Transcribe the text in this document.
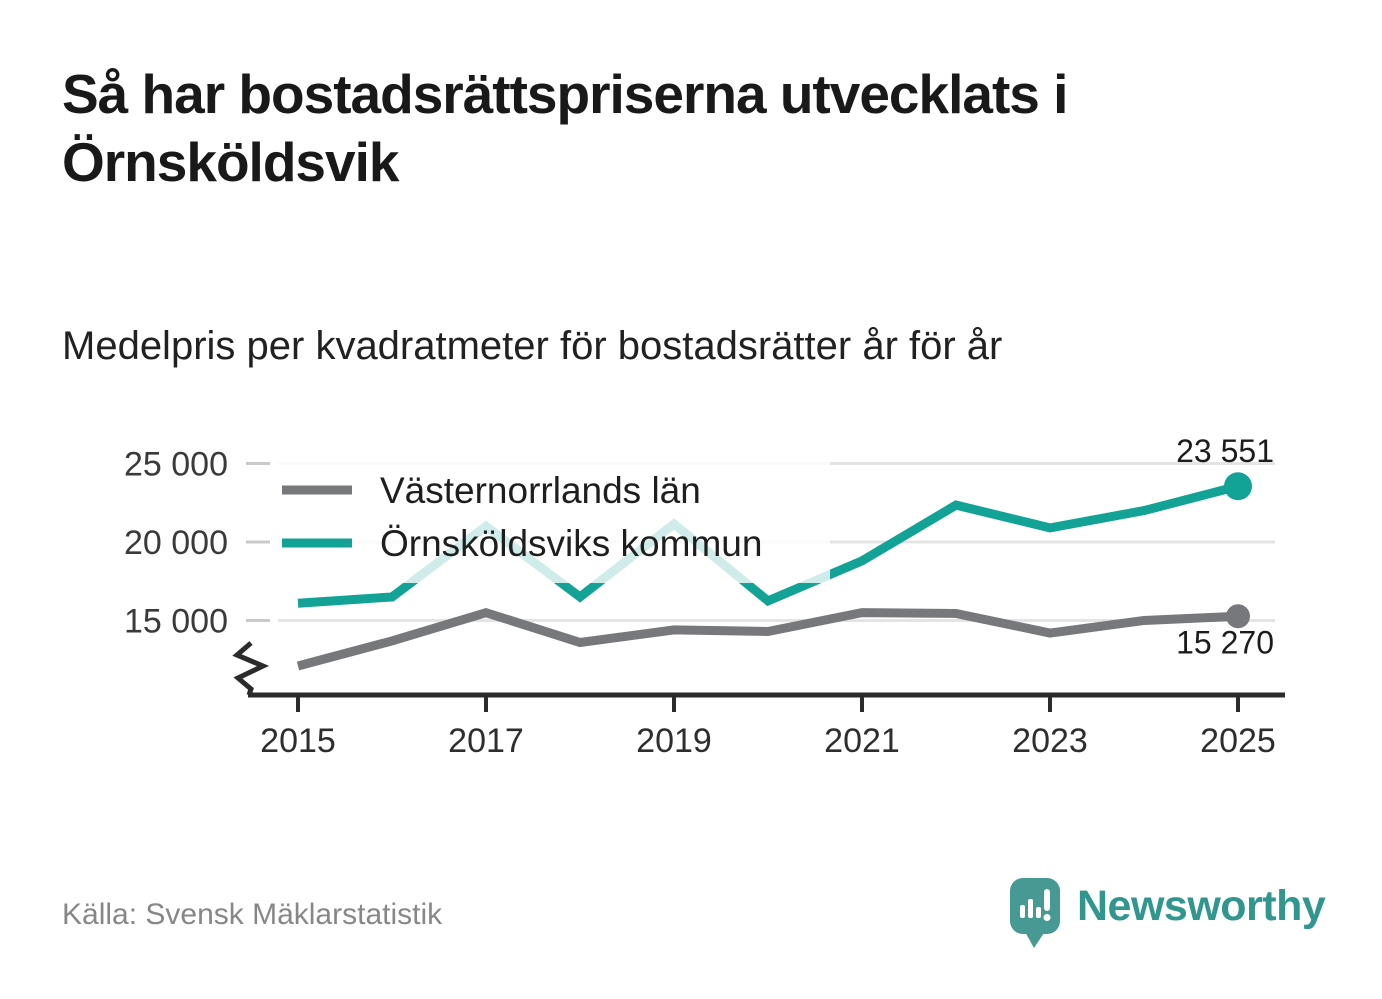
Så har bostadsrättspriserna utvecklats i Örnsköldsvik
Medelpris per kvadratmeter för bostadsrätter år för år
25 000
20 000
15 000
2015	2017	2019	2021	2023	2025
Västernorrlands län
Örnsköldsviks kommun
15 270
23 551
Källa: Svensk Mäklarstatistik	Newsworthy
